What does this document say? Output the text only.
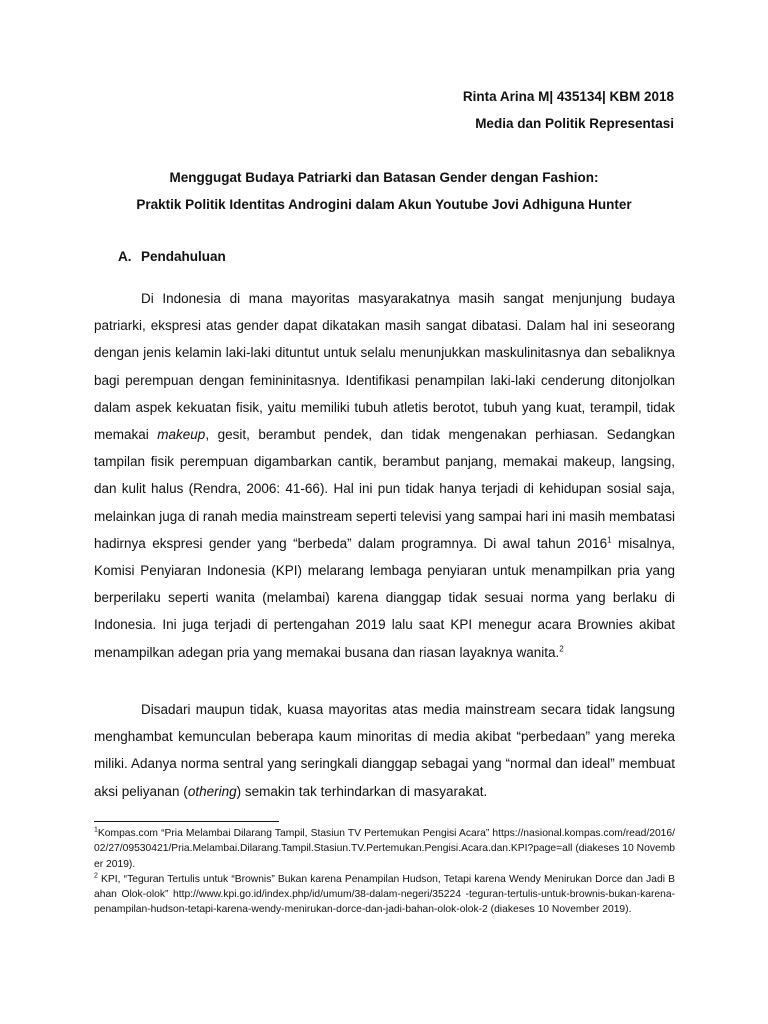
Rinta Arina M| 435134| KBM 2018
Media dan Politik Representasi
Menggugat Budaya Patriarki dan Batasan Gender dengan Fashion:
Praktik Politik Identitas Androgini dalam Akun Youtube Jovi Adhiguna Hunter
A. Pendahuluan

Di Indonesia di mana mayoritas masyarakatnya masih sangat menjunjung budaya patriarki, ekspresi atas gender dapat dikatakan masih sangat dibatasi. Dalam hal ini seseorang dengan jenis kelamin laki-laki dituntut untuk selalu menunjukkan maskulinitasnya dan sebaliknya bagi perempuan dengan femininitasnya. Identifikasi penampilan laki-laki cenderung ditonjolkan dalam aspek kekuatan fisik, yaitu memiliki tubuh atletis berotot, tubuh yang kuat, terampil, tidak memakai makeup, gesit, berambut pendek, dan tidak mengenakan perhiasan. Sedangkan tampilan fisik perempuan digambarkan cantik, berambut panjang, memakai makeup, langsing, dan kulit halus (Rendra, 2006: 41-66). Hal ini pun tidak hanya terjadi di kehidupan sosial saja, melainkan juga di ranah media mainstream seperti televisi yang sampai hari ini masih membatasi hadirnya ekspresi gender yang “berbeda” dalam programnya. Di awal tahun 2016$^1$ misalnya, Komisi Penyiaran Indonesia (KPI) melarang lembaga penyiaran untuk menampilkan pria yang berperilaku seperti wanita (melambai) karena dianggap tidak sesuai norma yang berlaku di Indonesia. Ini juga terjadi di pertengahan 2019 lalu saat KPI menegur acara Brownies akibat menampilkan adegan pria yang memakai busana dan riasan layaknya wanita.$^2$

Disadari maupun tidak, kuasa mayoritas atas media mainstream secara tidak langsung menghambat kemunculan beberapa kaum minoritas di media akibat “perbedaan” yang mereka miliki. Adanya norma sentral yang seringkali dianggap sebagai yang “normal dan ideal” membuat aksi peliyanan (othering) semakin tak terhindarkan di masyarakat.

$^1$Kompas.com “Pria Melambai Dilarang Tampil, Stasiun TV Pertemukan Pengisi Acara” https://nasional.kompas.com/read/2016/02/27/09530421/Pria.Melambai.Dilarang.Tampil.Stasiun.TV.Pertemukan.Pengisi.Acara.dan.KPI?page=all (diakeses 10 November 2019).

$^2$ KPI, “Teguran Tertulis untuk “Brownis” Bukan karena Penampilan Hudson, Tetapi karena Wendy Menirukan Dorce dan Jadi Bahan Olok-olok” http://www.kpi.go.id/index.php/id/umum/38-dalam-negeri/35224 -teguran-tertulis-untuk-brownis-bukan-karena-penampilan-hudson-tetapi-karena-wendy-menirukan-dorce-dan-jadi-bahan-olok-olok-2 (diakeses 10 November 2019).
